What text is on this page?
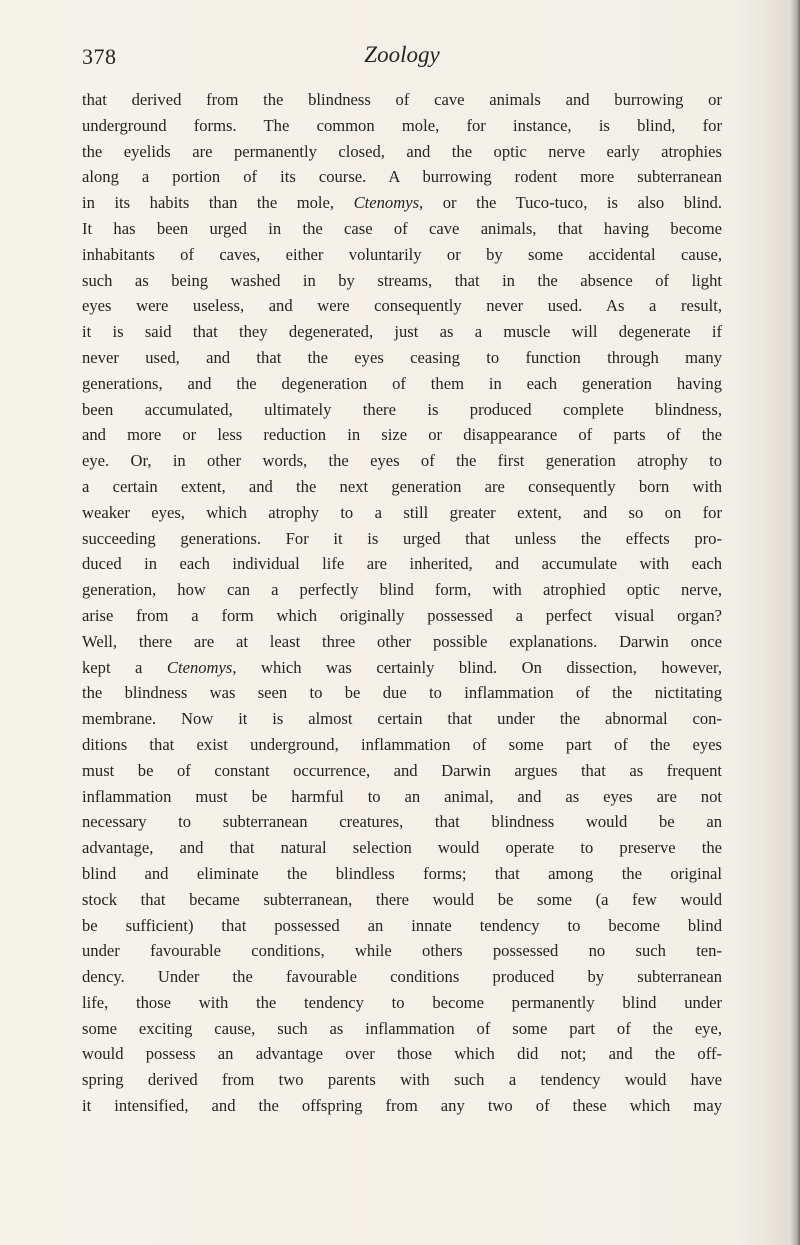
378	Zoology
that derived from the blindness of cave animals and burrowing or
underground forms. The common mole, for instance, is blind, for
the eyelids are permanently closed, and the optic nerve early atrophies
along a portion of its course. A burrowing rodent more subterranean
in its habits than the mole, Ctenomys, or the Tuco-tuco, is also blind.
It has been urged in the case of cave animals, that having become
inhabitants of caves, either voluntarily or by some accidental cause,
such as being washed in by streams, that in the absence of light
eyes were useless, and were consequently never used. As a result,
it is said that they degenerated, just as a muscle will degenerate if
never used, and that the eyes ceasing to function through many
generations, and the degeneration of them in each generation having
been accumulated, ultimately there is produced complete blindness,
and more or less reduction in size or disappearance of parts of the
eye. Or, in other words, the eyes of the first generation atrophy to
a certain extent, and the next generation are consequently born with
weaker eyes, which atrophy to a still greater extent, and so on for
succeeding generations. For it is urged that unless the effects pro-
duced in each individual life are inherited, and accumulate with each
generation, how can a perfectly blind form, with atrophied optic nerve,
arise from a form which originally possessed a perfect visual organ?
Well, there are at least three other possible explanations. Darwin once
kept a Ctenomys, which was certainly blind. On dissection, however,
the blindness was seen to be due to inflammation of the nictitating
membrane. Now it is almost certain that under the abnormal con-
ditions that exist underground, inflammation of some part of the eyes
must be of constant occurrence, and Darwin argues that as frequent
inflammation must be harmful to an animal, and as eyes are not
necessary to subterranean creatures, that blindness would be an
advantage, and that natural selection would operate to preserve the
blind and eliminate the blindless forms; that among the original
stock that became subterranean, there would be some (a few would
be sufficient) that possessed an innate tendency to become blind
under favourable conditions, while others possessed no such ten-
dency. Under the favourable conditions produced by subterranean
life, those with the tendency to become permanently blind under
some exciting cause, such as inflammation of some part of the eye,
would possess an advantage over those which did not; and the off-
spring derived from two parents with such a tendency would have
it intensified, and the offspring from any two of these which may
